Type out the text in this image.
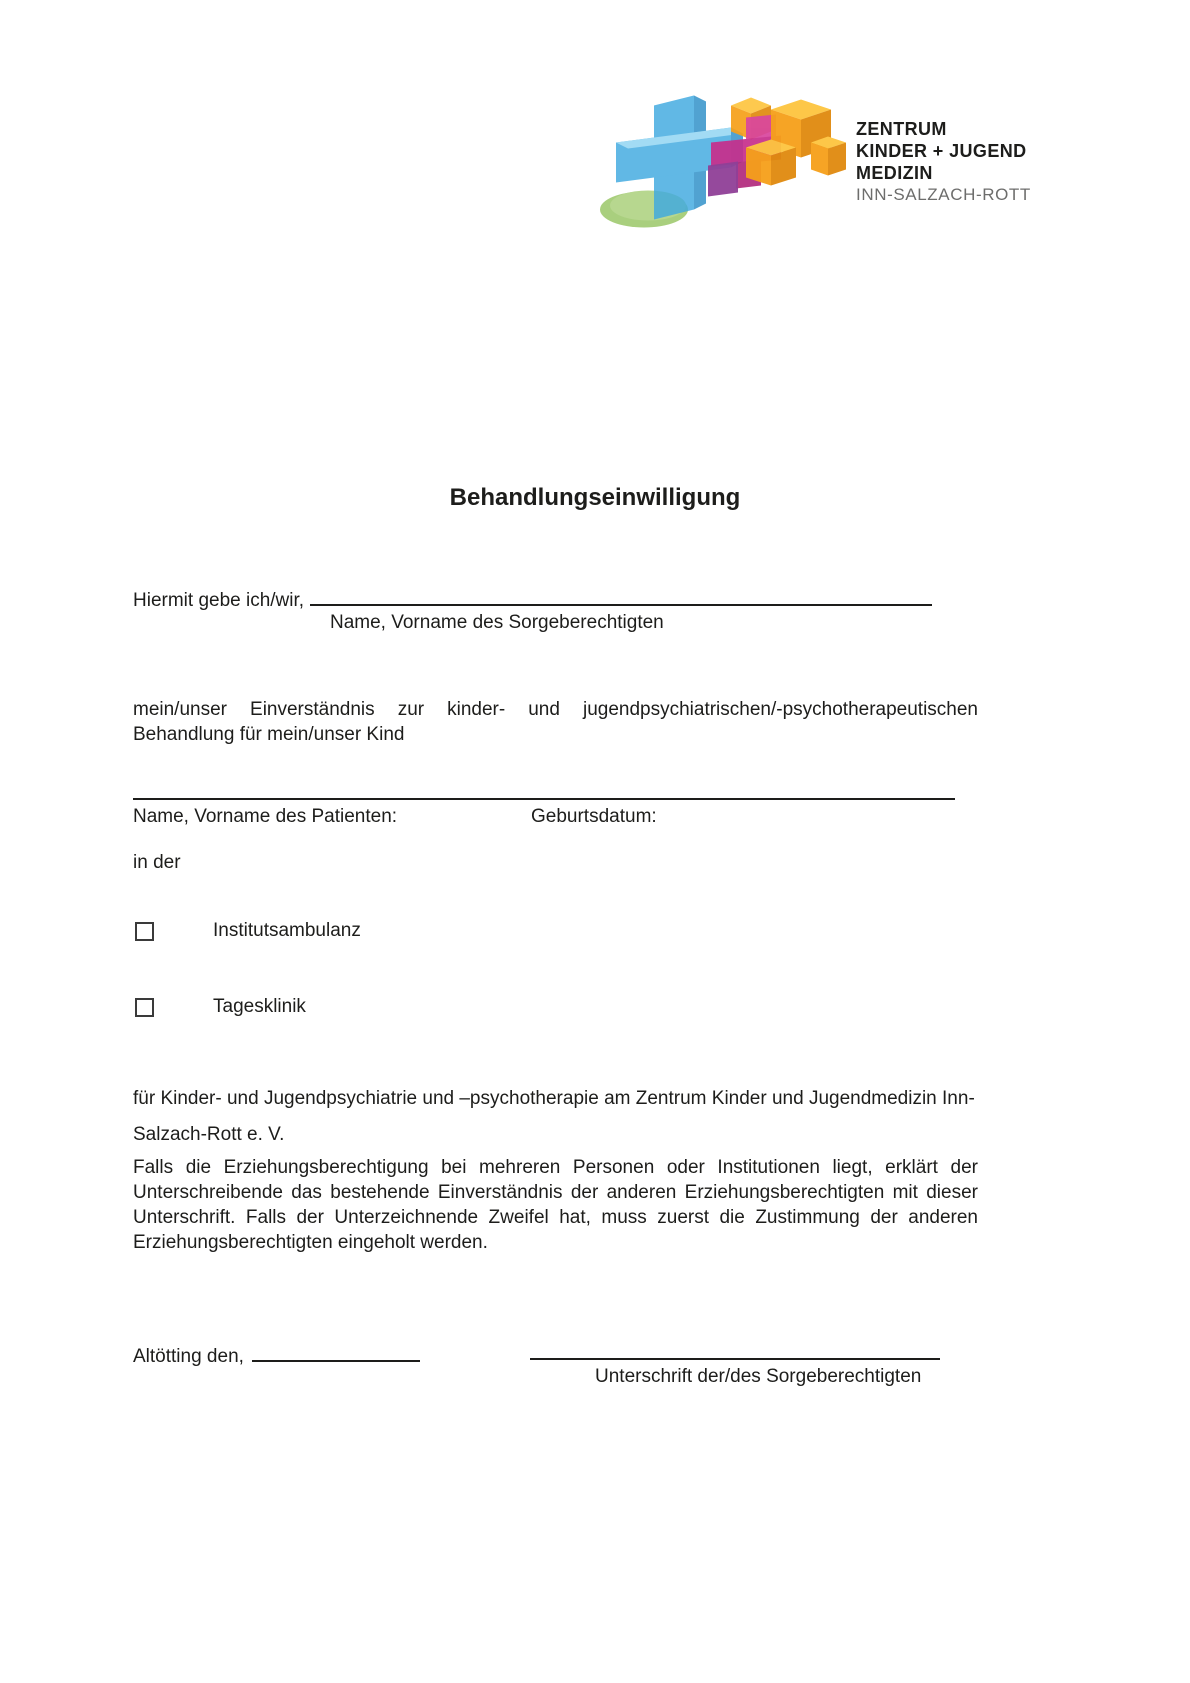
ZENTRUM
KINDER + JUGEND
MEDIZIN
INN-SALZACH-ROTT
Behandlungseinwilligung
Hiermit gebe ich/wir,
Name, Vorname des Sorgeberechtigten

mein/unser Einverständnis zur kinder- und jugendpsychiatrischen/-psychotherapeutischen Behandlung für mein/unser Kind

Name, Vorname des Patienten:	Geburtsdatum:
in der
Institutsambulanz
Tagesklinik

für Kinder- und Jugendpsychiatrie und –psychotherapie am Zentrum Kinder und Jugendmedizin Inn-Salzach-Rott e. V.

Falls die Erziehungsberechtigung bei mehreren Personen oder Institutionen liegt, erklärt der Unterschreibende das bestehende Einverständnis der anderen Erziehungsberechtigten mit dieser Unterschrift. Falls der Unterzeichnende Zweifel hat, muss zuerst die Zustimmung der anderen Erziehungsberechtigten eingeholt werden.

Altötting den,
Unterschrift der/des Sorgeberechtigten
